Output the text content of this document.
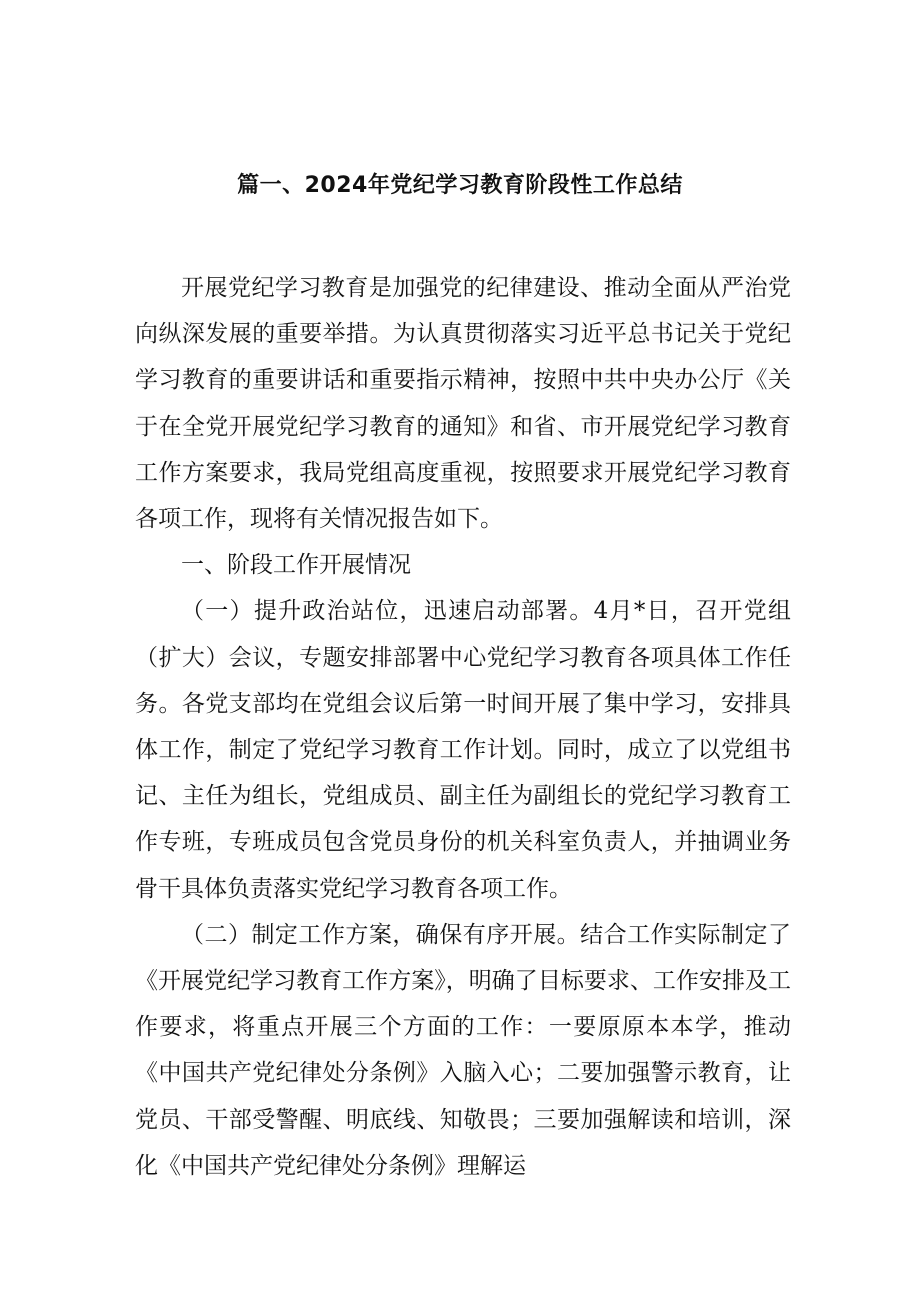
篇一、2024年党纪学习教育阶段性工作总结

开展党纪学习教育是加强党的纪律建设、推动全面从严治党向纵深发展的重要举措。为认真贯彻落实习近平总书记关于党纪学习教育的重要讲话和重要指示精神，按照中共中央办公厅《关于在全党开展党纪学习教育的通知》和省、市开展党纪学习教育工作方案要求，我局党组高度重视，按照要求开展党纪学习教育各项工作，现将有关情况报告如下。

一、阶段工作开展情况

（一）提升政治站位，迅速启动部署。4月*日，召开党组（扩大）会议，专题安排部署中心党纪学习教育各项具体工作任务。各党支部均在党组会议后第一时间开展了集中学习，安排具体工作，制定了党纪学习教育工作计划。同时，成立了以党组书记、主任为组长，党组成员、副主任为副组长的党纪学习教育工作专班，专班成员包含党员身份的机关科室负责人，并抽调业务骨干具体负责落实党纪学习教育各项工作。

（二）制定工作方案，确保有序开展。结合工作实际制定了《开展党纪学习教育工作方案》，明确了目标要求、工作安排及工作要求，将重点开展三个方面的工作：一要原原本本学，推动《中国共产党纪律处分条例》入脑入心；二要加强警示教育，让党员、干部受警醒、明底线、知敬畏；三要加强解读和培训，深化《中国共产党纪律处分条例》理解运
